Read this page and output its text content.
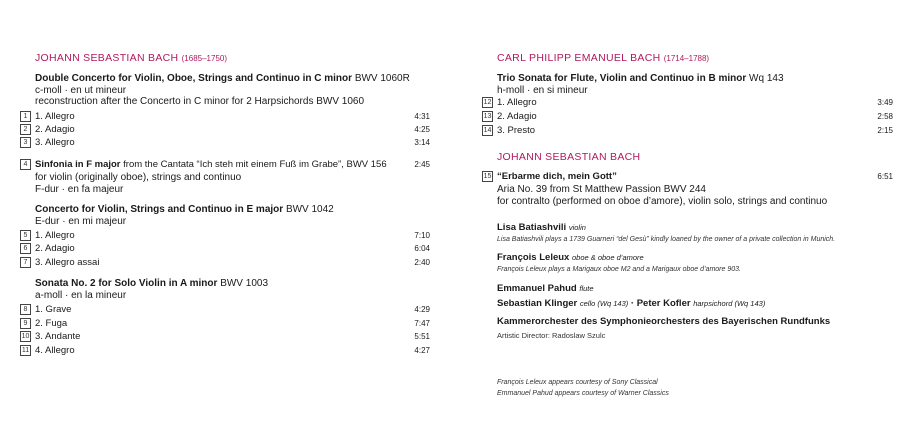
JOHANN SEBASTIAN BACH (1685–1750)
Double Concerto for Violin, Oboe, Strings and Continuo in C minor BWV 1060R
c-moll · en ut mineur
reconstruction after the Concerto in C minor for 2 Harpsichords BWV 1060
1 1. Allegro	4:31
2 2. Adagio	4:25
3 3. Allegro	3:14
4 Sinfonia in F major from the Cantata “Ich steh mit einem Fuß im Grabe”, BWV 156	2:45
for violin (originally oboe), strings and continuo
F-dur · en fa majeur
Concerto for Violin, Strings and Continuo in E major BWV 1042
E-dur · en mi majeur
5 1. Allegro	7:10
6 2. Adagio	6:04
7 3. Allegro assai	2:40
Sonata No. 2 for Solo Violin in A minor BWV 1003
a-moll · en la mineur
8 1. Grave	4:29
9 2. Fuga	7:47
10 3. Andante	5:51
11 4. Allegro	4:27
CARL PHILIPP EMANUEL BACH (1714–1788)
Trio Sonata for Flute, Violin and Continuo in B minor Wq 143
h-moll · en si mineur
12 1. Allegro	3:49
13 2. Adagio	2:58
14 3. Presto	2:15
JOHANN SEBASTIAN BACH
15 “Erbarme dich, mein Gott”	6:51
Aria No. 39 from St Matthew Passion BWV 244
for contralto (performed on oboe d’amore), violin solo, strings and continuo
Lisa Batiashvili violin
Lisa Batiashvili plays a 1739 Guarneri “del Gesù” kindly loaned by the owner of a private collection in Munich.
François Leleux oboe & oboe d’amore
François Leleux plays a Marigaux oboe M2 and a Marigaux oboe d’amore 903.
Emmanuel Pahud flute
Sebastian Klinger cello (Wq 143) · Peter Kofler harpsichord (Wq 143)
Kammerorchester des Symphonieorchesters des Bayerischen Rundfunks
Artistic Director: Radoslaw Szulc
François Leleux appears courtesy of Sony Classical
Emmanuel Pahud appears courtesy of Warner Classics
